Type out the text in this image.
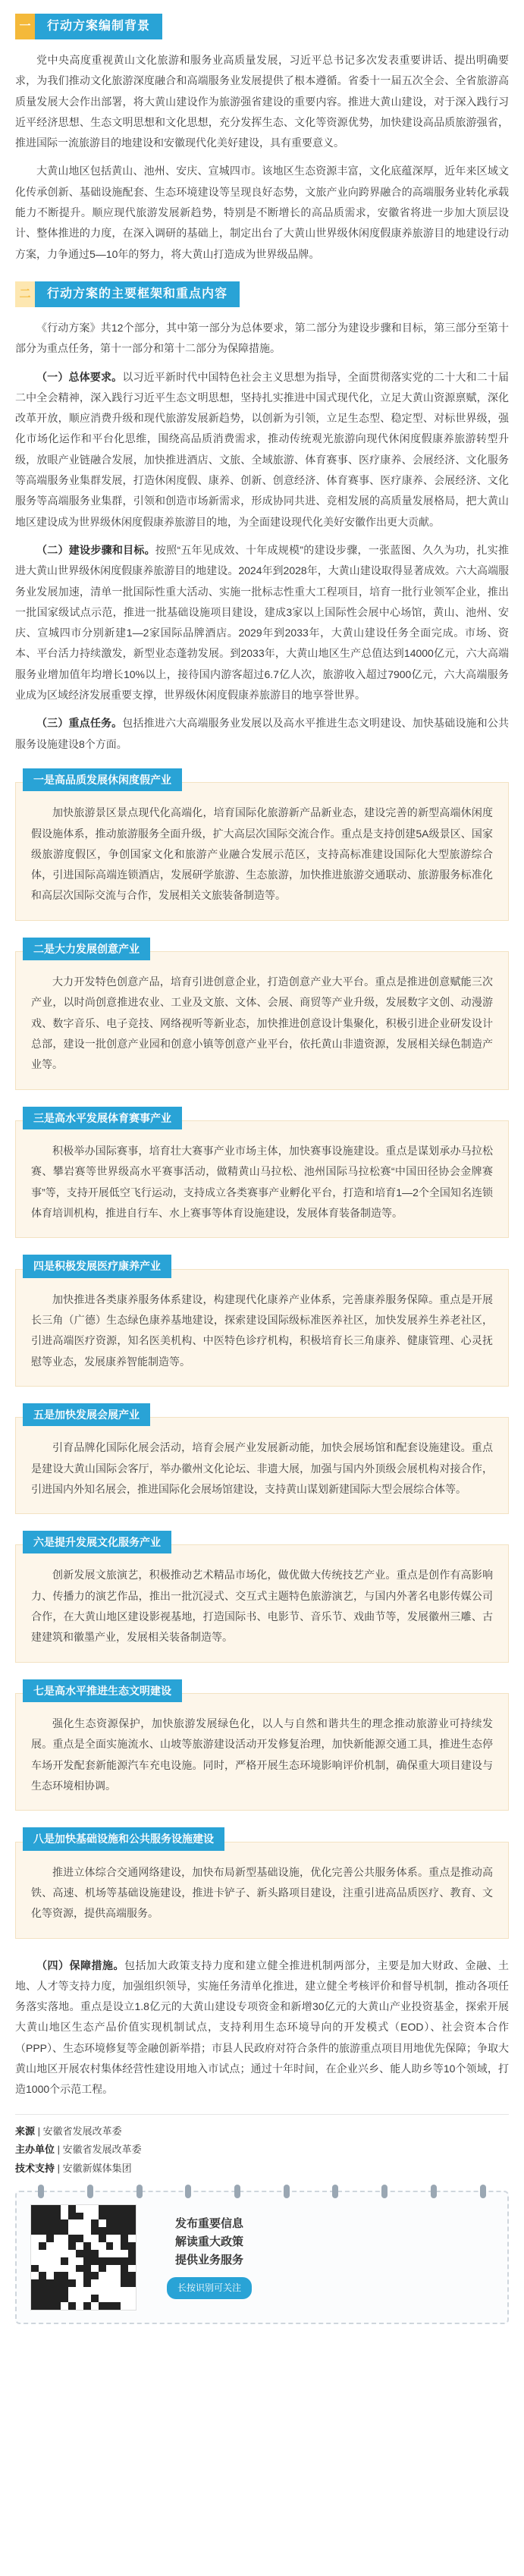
一	行动方案编制背景

党中央高度重视黄山文化旅游和服务业高质量发展，习近平总书记多次发表重要讲话、提出明确要求，为我们推动文化旅游深度融合和高端服务业发展提供了根本遵循。省委十一届五次全会、全省旅游高质量发展大会作出部署，将大黄山建设作为旅游强省建设的重要内容。推进大黄山建设，对于深入践行习近平经济思想、生态文明思想和文化思想，充分发挥生态、文化等资源优势，加快建设高品质旅游强省，推进国际一流旅游目的地建设和安徽现代化美好建设，具有重要意义。

大黄山地区包括黄山、池州、安庆、宣城四市。该地区生态资源丰富，文化底蕴深厚，近年来区域文化传承创新、基础设施配套、生态环境建设等呈现良好态势，文旅产业向跨界融合的高端服务业转化承载能力不断提升。顺应现代旅游发展新趋势，特别是不断增长的高品质需求，安徽省将进一步加大顶层设计、整体推进的力度，在深入调研的基础上，制定出台了大黄山世界级休闲度假康养旅游目的地建设行动方案，力争通过5—10年的努力，将大黄山打造成为世界级品牌。

二	行动方案的主要框架和重点内容

《行动方案》共12个部分，其中第一部分为总体要求，第二部分为建设步骤和目标，第三部分至第十部分为重点任务，第十一部分和第十二部分为保障措施。

（一）总体要求。以习近平新时代中国特色社会主义思想为指导，全面贯彻落实党的二十大和二十届二中全会精神，深入践行习近平生态文明思想，坚持扎实推进中国式现代化，立足大黄山资源禀赋，深化改革开放，顺应消费升级和现代旅游发展新趋势，以创新为引领，立足生态型、稳定型、对标世界级，强化市场化运作和平台化思维，围绕高品质消费需求，推动传统观光旅游向现代休闲度假康养旅游转型升级，放眼产业链融合发展，加快推进酒店、文旅、全域旅游、体育赛事、医疗康养、会展经济、文化服务等高端服务业集群发展，打造休闲度假、康养、创新、创意经济、体育赛事、医疗康养、会展经济、文化服务等高端服务业集群，引领和创造市场新需求，形成协同共进、竞相发展的高质量发展格局，把大黄山地区建设成为世界级休闲度假康养旅游目的地，为全面建设现代化美好安徽作出更大贡献。

（二）建设步骤和目标。按照“五年见成效、十年成规模”的建设步骤，一张蓝图、久久为功，扎实推进大黄山世界级休闲度假康养旅游目的地建设。2024年到2028年，大黄山建设取得显著成效。六大高端服务业发展加速，清单一批国际性重大活动、实施一批标志性重大工程项目，培育一批行业领军企业，推出一批国家级试点示范，推进一批基础设施项目建设，建成3家以上国际性会展中心场馆，黄山、池州、安庆、宣城四市分别新建1—2家国际品牌酒店。2029年到2033年，大黄山建设任务全面完成。市场、资本、平台活力持续激发，新型业态蓬勃发展。到2033年，大黄山地区生产总值达到14000亿元，六大高端服务业增加值年均增长10%以上，接待国内游客超过6.7亿人次，旅游收入超过7900亿元，六大高端服务业成为区域经济发展重要支撑，世界级休闲度假康养旅游目的地享誉世界。

（三）重点任务。包括推进六大高端服务业发展以及高水平推进生态文明建设、加快基础设施和公共服务设施建设8个方面。

一是高品质发展休闲度假产业
加快旅游景区景点现代化高端化，培育国际化旅游新产品新业态，建设完善的新型高端休闲度假设施体系，推动旅游服务全面升级，扩大高层次国际交流合作。重点是支持创建5A级景区、国家级旅游度假区，争创国家文化和旅游产业融合发展示范区，支持高标准建设国际化大型旅游综合体，引进国际高端连锁酒店，发展研学旅游、生态旅游，加快推进旅游交通联动、旅游服务标准化和高层次国际交流与合作，发展相关文旅装备制造等。
二是大力发展创意产业
大力开发特色创意产品，培育引进创意企业，打造创意产业大平台。重点是推进创意赋能三次产业，以时尚创意推进农业、工业及文旅、文体、会展、商贸等产业升级，发展数字文创、动漫游戏、数字音乐、电子竞技、网络视听等新业态，加快推进创意设计集聚化，积极引进企业研发设计总部，建设一批创意产业园和创意小镇等创意产业平台，依托黄山非遗资源，发展相关绿色制造产业等。
三是高水平发展体育赛事产业
积极举办国际赛事，培育壮大赛事产业市场主体，加快赛事设施建设。重点是谋划承办马拉松赛、攀岩赛等世界级高水平赛事活动，做精黄山马拉松、池州国际马拉松赛“中国田径协会金牌赛事”等，支持开展低空飞行运动，支持成立各类赛事产业孵化平台，打造和培育1—2个全国知名连锁体育培训机构，推进自行车、水上赛事等体育设施建设，发展体育装备制造等。
四是积极发展医疗康养产业
加快推进各类康养服务体系建设，构建现代化康养产业体系，完善康养服务保障。重点是开展长三角（广德）生态绿色康养基地建设，探索建设国际级标准医养社区，加快发展养生养老社区，引进高端医疗资源，知名医美机构、中医特色诊疗机构，积极培育长三角康养、健康管理、心灵抚慰等业态，发展康养智能制造等。
五是加快发展会展产业
引育品牌化国际化展会活动，培育会展产业发展新动能，加快会展场馆和配套设施建设。重点是建设大黄山国际会客厅，举办徽州文化论坛、非遗大展，加强与国内外顶级会展机构对接合作，引进国内外知名展会，推进国际化会展场馆建设，支持黄山谋划新建国际大型会展综合体等。
六是提升发展文化服务产业
创新发展文旅演艺，积极推动艺术精品市场化，做优做大传统技艺产业。重点是创作有高影响力、传播力的演艺作品，推出一批沉浸式、交互式主题特色旅游演艺，与国内外著名电影传媒公司合作，在大黄山地区建设影视基地，打造国际书、电影节、音乐节、戏曲节等，发展徽州三雕、古建建筑和徽墨产业，发展相关装备制造等。
七是高水平推进生态文明建设
强化生态资源保护，加快旅游发展绿色化，以人与自然和谐共生的理念推动旅游业可持续发展。重点是全面实施流水、山坡等旅游建设活动开发修复治理，加快新能源交通工具，推进生态停车场开发配套新能源汽车充电设施。同时，严格开展生态环境影响评价机制，确保重大项目建设与生态环境相协调。
八是加快基础设施和公共服务设施建设
推进立体综合交通网络建设，加快布局新型基础设施，优化完善公共服务体系。重点是推动高铁、高速、机场等基础设施建设，推进卡铲子、新头路项目建设，注重引进高品质医疗、教育、文化等资源，提供高端服务。

（四）保障措施。包括加大政策支持力度和建立健全推进机制两部分，主要是加大财政、金融、土地、人才等支持力度，加强组织领导，实施任务清单化推进，建立健全考核评价和督导机制，推动各项任务落实落地。重点是设立1.8亿元的大黄山建设专项资金和新增30亿元的大黄山产业投资基金，探索开展大黄山地区生态产品价值实现机制试点，支持利用生态环境导向的开发模式（EOD）、社会资本合作（PPP）、生态环境修复等金融创新举措；市县人民政府对符合条件的旅游重点项目用地优先保障；争取大黄山地区开展农村集体经营性建设用地入市试点；通过十年时间，在企业兴乡、能人助乡等10个领域，打造1000个示范工程。

来源 | 安徽省发展改革委
主办单位 | 安徽省发展改革委
技术支持 | 安徽新媒体集团
发布重要信息
解读重大政策
提供业务服务
长按识别可关注
